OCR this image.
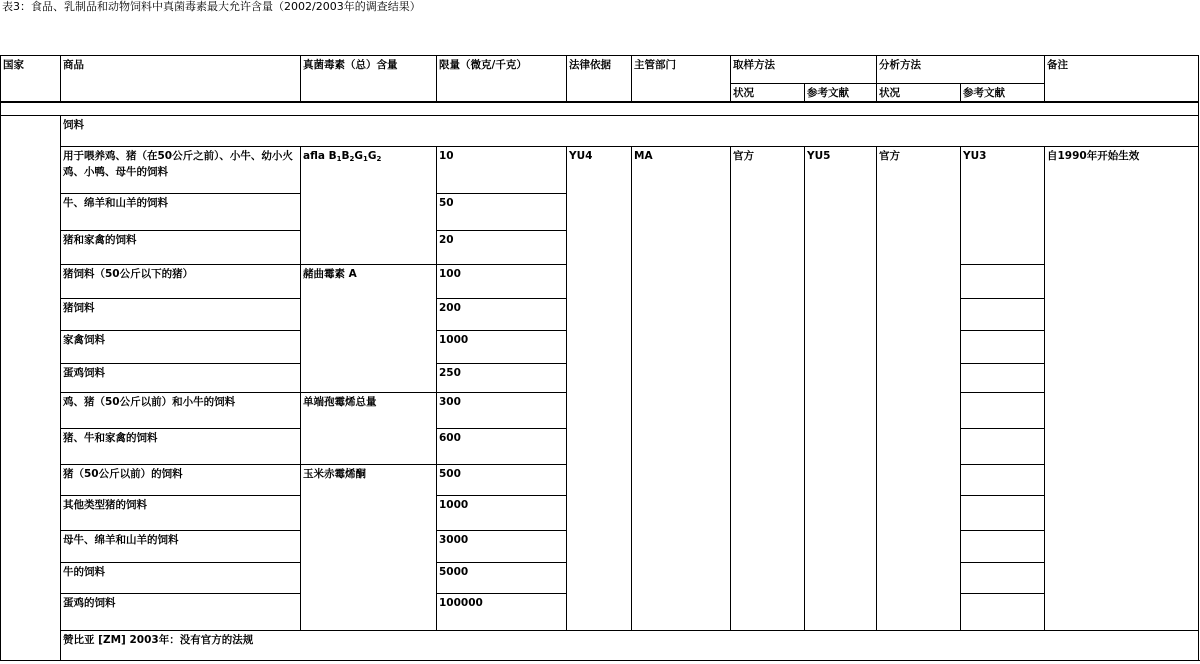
表3：食品、乳制品和动物饲料中真菌毒素最大允许含量（2002/2003年的调查结果）
国家	商品	真菌毒素（总）含量	限量（微克/千克）	法律依据	主管部门	取样方法		分析方法		备注
						状况	参考文献	状况	参考文献	

	饲料									
	用于喂养鸡、猪（在50公斤之前）、小牛、幼小火鸡、小鸭、母牛的饲料	afla $B_1B_2G_1G_2$	10	YU4	MA	官方	YU5	官方	YU3	自1990年开始生效
	牛、绵羊和山羊的饲料		50							
	猪和家禽的饲料		20							
	猪饲料（50公斤以下的猪）	赭曲霉素 A	100							
	猪饲料		200							
	家禽饲料		1000							
	蛋鸡饲料		250							
	鸡、猪（50公斤以前）和小牛的饲料	单端孢霉烯总量	300							
	猪、牛和家禽的饲料		600							
	猪（50公斤以前）的饲料	玉米赤霉烯酮	500							
	其他类型猪的饲料		1000							
	母牛、绵羊和山羊的饲料		3000							
	牛的饲料		5000							
	蛋鸡的饲料		100000							
	赞比亚 [ZM] 2003年：没有官方的法规									
